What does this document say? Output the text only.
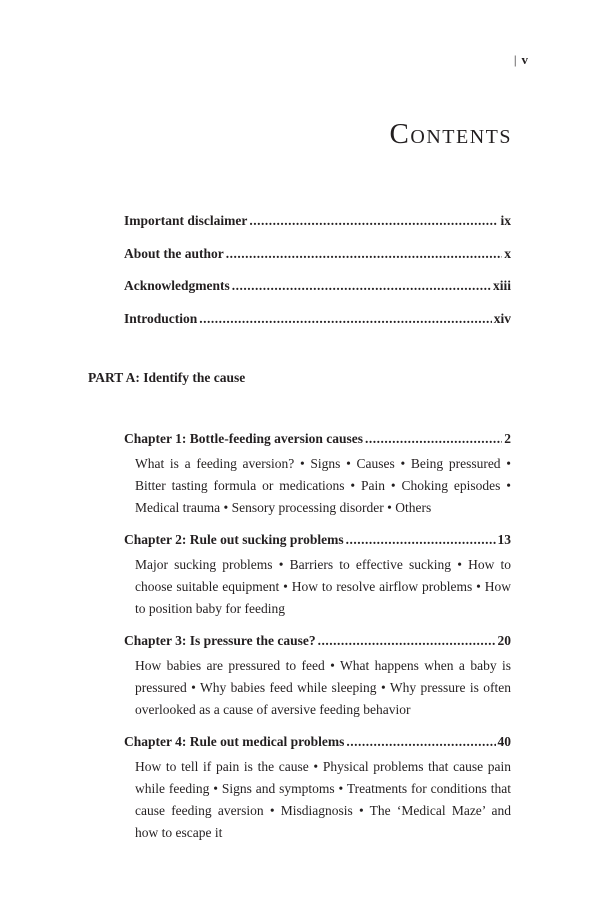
| v
Contents
Important disclaimer .....	ix
About the author .....	x
Acknowledgments .....	xiii
Introduction .....	xiv
PART A: Identify the cause
Chapter 1: Bottle-feeding aversion causes .....	2

What is a feeding aversion? • Signs • Causes • Being pressured • Bitter tasting formula or medications • Pain • Choking episodes • Medical trauma • Sensory processing disorder • Others

Chapter 2: Rule out sucking problems .....	13

Major sucking problems • Barriers to effective sucking • How to choose suitable equipment • How to resolve airflow problems • How to position baby for feeding

Chapter 3: Is pressure the cause? .....	20

How babies are pressured to feed • What happens when a baby is pressured • Why babies feed while sleeping • Why pressure is often overlooked as a cause of aversive feeding behavior

Chapter 4: Rule out medical problems .....	40

How to tell if pain is the cause • Physical problems that cause pain while feeding • Signs and symptoms • Treatments for conditions that cause feeding aversion • Misdiagnosis • The ‘Medical Maze’ and how to escape it
